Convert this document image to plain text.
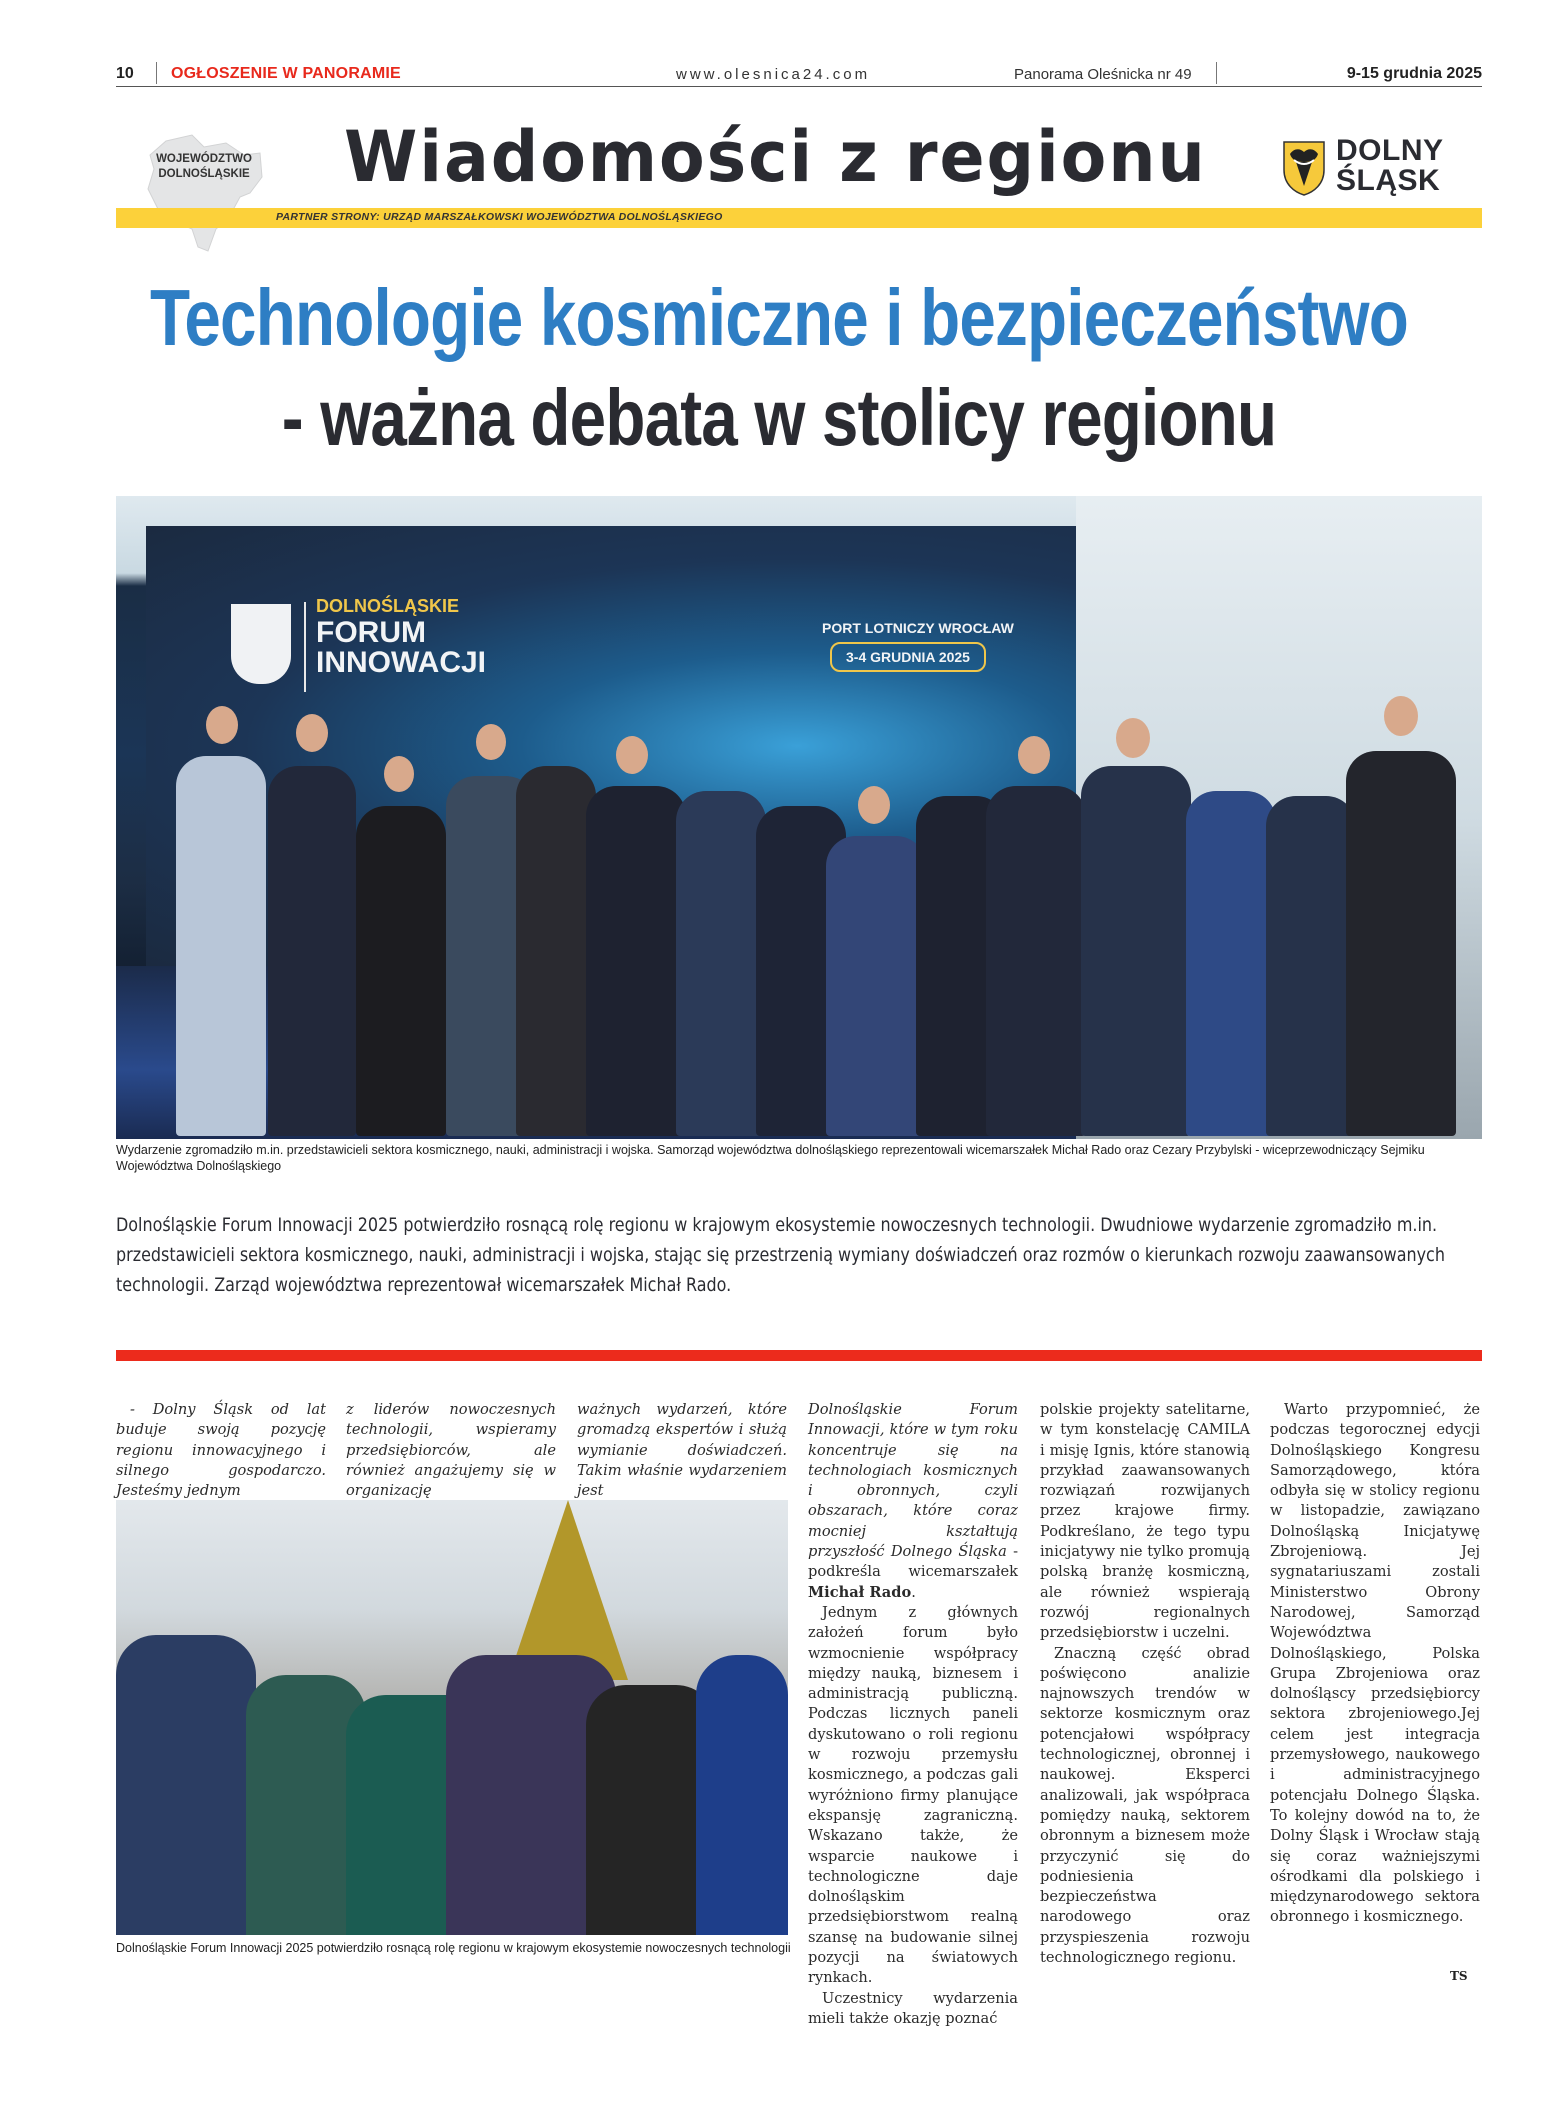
10 OGŁOSZENIE W PANORAMIE	www.olesnica24.com	Panorama Oleśnicka nr 49	9-15 grudnia 2025
WOJEWÓDZTWO
DOLNOŚLĄSKIE Wiadomości z regionu	DOLNY
ŚLĄSK
PARTNER STRONY: URZĄD MARSZAŁKOWSKI WOJEWÓDZTWA DOLNOŚLĄSKIEGO
Technologie kosmiczne i bezpieczeństwo
- ważna debata w stolicy regionu
DOLNOŚLĄSKIE
FORUM
INNOWACJI
PORT LOTNICZY WROCŁAW
3-4 GRUDNIA 2025
Wydarzenie zgromadziło m.in. przedstawicieli sektora kosmicznego, nauki, administracji i wojska. Samorząd województwa dolnośląskiego reprezentowali wicemarszałek Michał Rado oraz Cezary Przybylski - wiceprzewodniczący Sejmiku Województwa Dolnośląskiego
Dolnośląskie Forum Innowacji 2025 potwierdziło rosnącą rolę regionu w krajowym ekosystemie nowoczesnych technologii. Dwudniowe wydarzenie zgromadziło m.in. przedstawicieli sektora kosmicznego, nauki, administracji i wojska, stając się przestrzenią wymiany doświadczeń oraz rozmów o kierunkach rozwoju zaawansowanych technologii. Zarząd województwa reprezentował wicemarszałek Michał Rado.

- Dolny Śląsk od lat buduje swoją pozycję regionu innowacyjnego i silnego gospodarczo. Jesteśmy jednym

z liderów nowoczesnych technologii, wspieramy przedsiębiorców, ale również angażujemy się w organizację

ważnych wydarzeń, które gromadzą ekspertów i służą wymianie doświadczeń. Takim właśnie wydarzeniem jest

Dolnośląskie Forum Innowacji 2025 potwierdziło rosnącą rolę regionu w krajowym ekosystemie nowoczesnych technologii

Dolnośląskie Forum Innowacji, które w tym roku koncentruje się na technologiach kosmicznych i obronnych, czyli obszarach, które coraz mocniej kształtują przyszłość Dolnego Śląska - podkreśla wicemarszałek Michał Rado.

Jednym z głównych założeń forum było wzmocnienie współpracy między nauką, biznesem i administracją publiczną. Podczas licznych paneli dyskutowano o roli regionu w rozwoju przemysłu kosmicznego, a podczas gali wyróżniono firmy planujące ekspansję zagraniczną. Wskazano także, że wsparcie naukowe i technologiczne daje dolnośląskim przedsiębiorstwom realną szansę na budowanie silnej pozycji na światowych rynkach.

Uczestnicy wydarzenia mieli także okazję poznać

polskie projekty satelitarne, w tym konstelację CAMILA i misję Ignis, które stanowią przykład zaawansowanych rozwiązań rozwijanych przez krajowe firmy. Podkreślano, że tego typu inicjatywy nie tylko promują polską branżę kosmiczną, ale również wspierają rozwój regionalnych przedsiębiorstw i uczelni.

Znaczną część obrad poświęcono analizie najnowszych trendów w sektorze kosmicznym oraz potencjałowi współpracy technologicznej, obronnej i naukowej. Eksperci analizowali, jak współpraca pomiędzy nauką, sektorem obronnym a biznesem może przyczynić się do podniesienia bezpieczeństwa narodowego oraz przyspieszenia rozwoju technologicznego regionu.

Warto przypomnieć, że podczas tegorocznej edycji Dolnośląskiego Kongresu Samorządowego, która odbyła się w stolicy regionu w listopadzie, zawiązano Dolnośląską Inicjatywę Zbrojeniową. Jej sygnatariuszami zostali Ministerstwo Obrony Narodowej, Samorząd Województwa Dolnośląskiego, Polska Grupa Zbrojeniowa oraz dolnośląscy przedsiębiorcy sektora zbrojeniowego.Jej celem jest integracja przemysłowego, naukowego i administracyjnego potencjału Dolnego Śląska. To kolejny dowód na to, że Dolny Śląsk i Wrocław stają się coraz ważniejszymi ośrodkami dla polskiego i międzynarodowego sektora obronnego i kosmicznego.

TS
